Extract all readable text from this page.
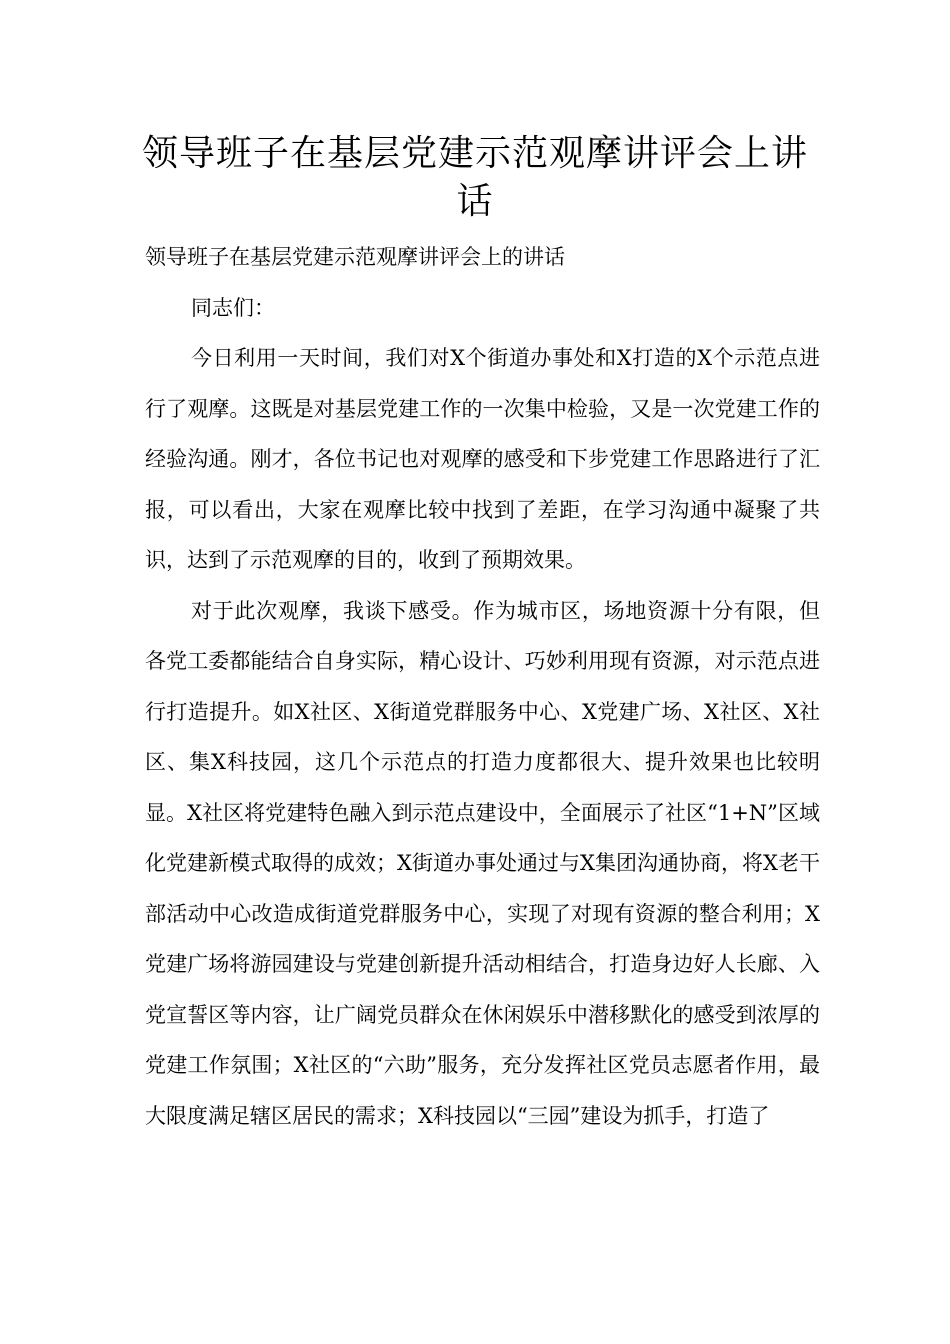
领导班子在基层党建示范观摩讲评会上讲话

领导班子在基层党建示范观摩讲评会上的讲话

同志们：

今日利用一天时间，我们对X个街道办事处和X打造的X个示范点进行了观摩。这既是对基层党建工作的一次集中检验，又是一次党建工作的经验沟通。刚才，各位书记也对观摩的感受和下步党建工作思路进行了汇报，可以看出，大家在观摩比较中找到了差距，在学习沟通中凝聚了共识，达到了示范观摩的目的，收到了预期效果。

对于此次观摩，我谈下感受。作为城市区，场地资源十分有限，但各党工委都能结合自身实际，精心设计、巧妙利用现有资源，对示范点进行打造提升。如X社区、X街道党群服务中心、X党建广场、X社区、X社区、集X科技园，这几个示范点的打造力度都很大、提升效果也比较明显。X社区将党建特色融入到示范点建设中，全面展示了社区“1+N”区域化党建新模式取得的成效；X街道办事处通过与X集团沟通协商，将X老干部活动中心改造成街道党群服务中心，实现了对现有资源的整合利用；X党建广场将游园建设与党建创新提升活动相结合，打造身边好人长廊、入党宣誓区等内容，让广阔党员群众在休闲娱乐中潜移默化的感受到浓厚的党建工作氛围；X社区的“六助”服务，充分发挥社区党员志愿者作用，最大限度满足辖区居民的需求；X科技园以“三园”建设为抓手，打造了
